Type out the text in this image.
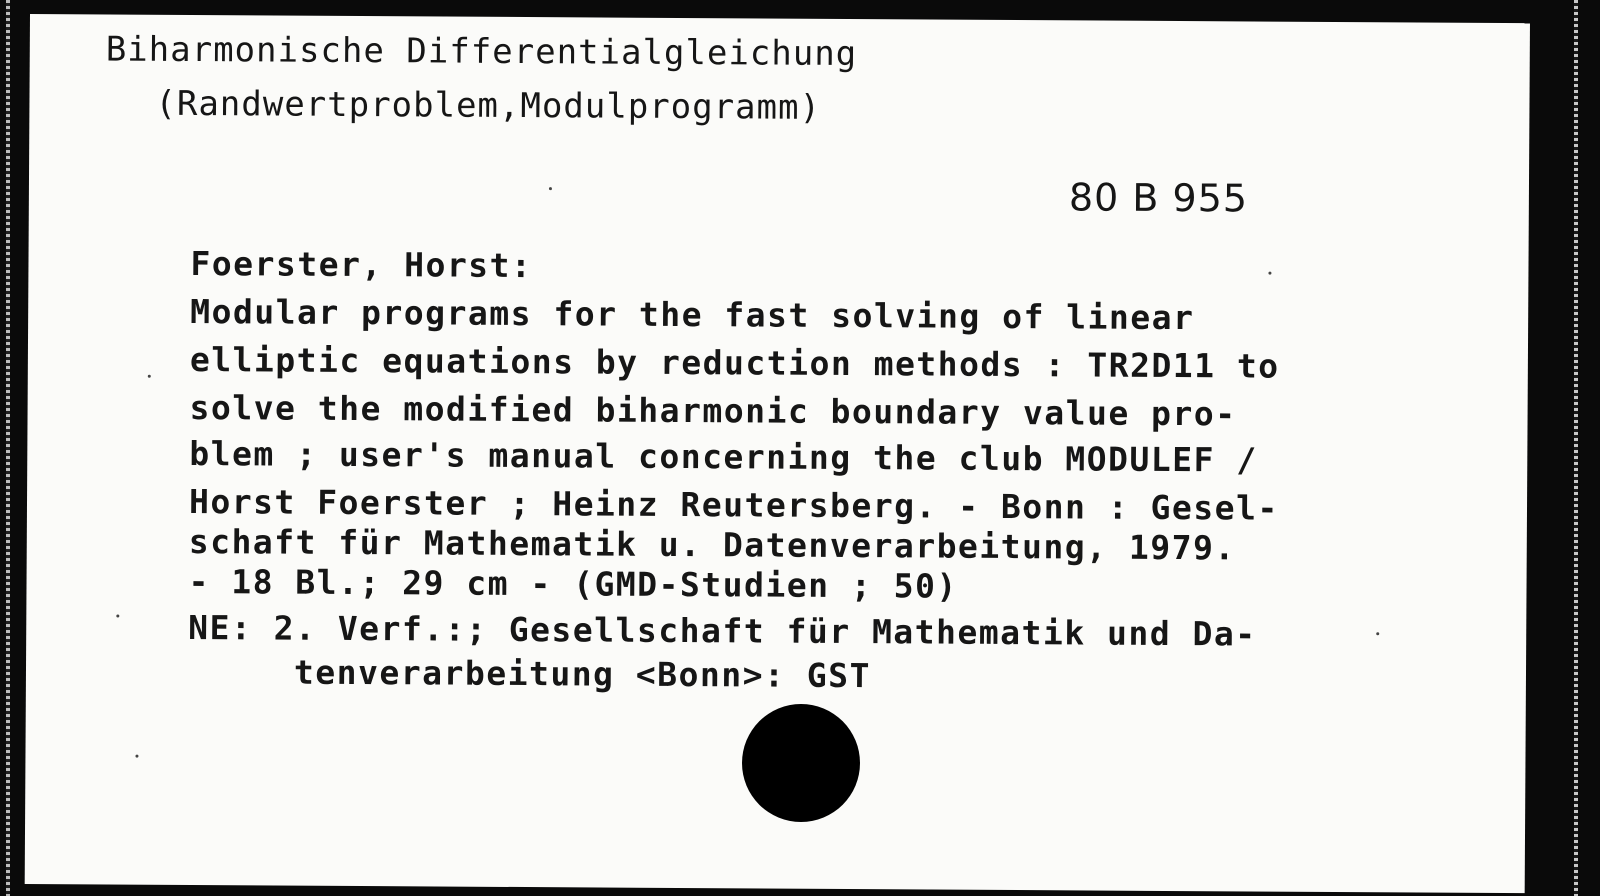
Biharmonische Differentialgleichung

(Randwertproblem,Modulprogramm)

80 B 955

Foerster, Horst:

Modular programs for the fast solving of linear

elliptic equations by reduction methods : TR2D11 to

solve the modified biharmonic boundary value pro-

blem ; user's manual concerning the club MODULEF /

Horst Foerster ; Heinz Reutersberg. - Bonn : Gesel-

schaft für Mathematik u. Datenverarbeitung, 1979.

- 18 Bl.; 29 cm - (GMD-Studien ; 50)

NE: 2. Verf.:; Gesellschaft für Mathematik und Da-

tenverarbeitung <Bonn>: GST
